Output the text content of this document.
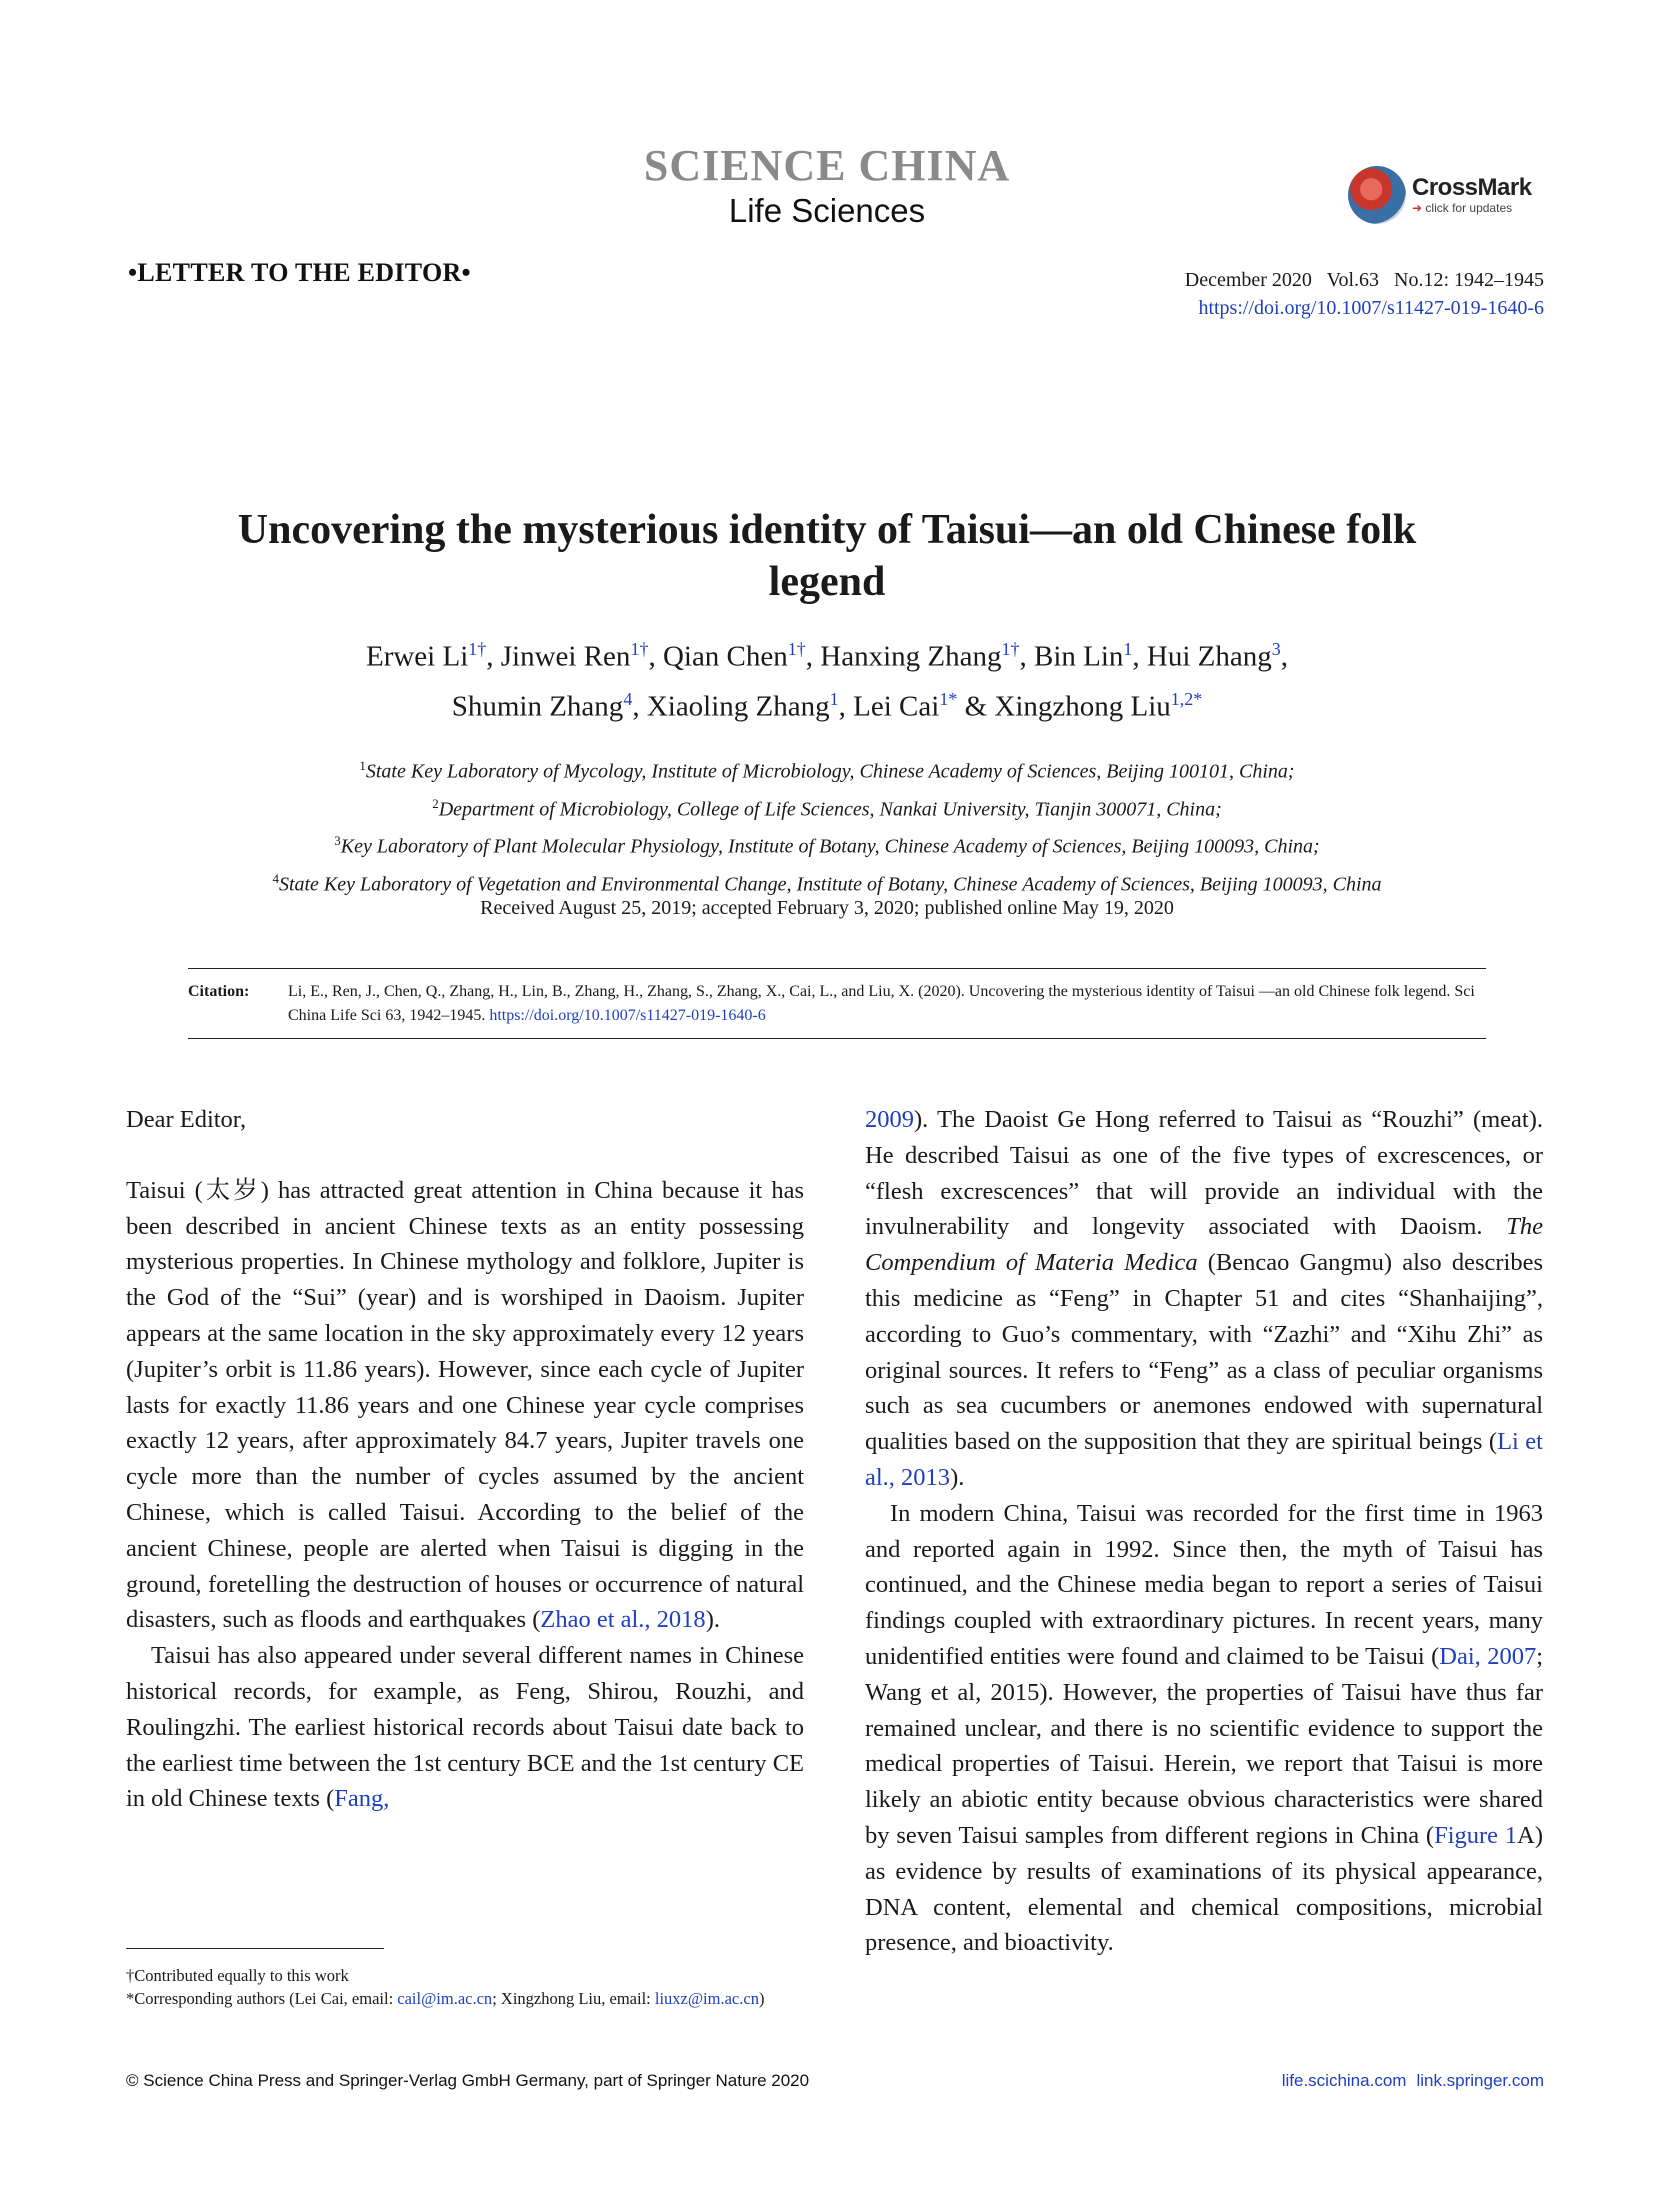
SCIENCE CHINA
Life Sciences
CrossMark
➜ click for updates
•LETTER TO THE EDITOR•	December 2020   Vol.63   No.12: 1942–1945
https://doi.org/10.1007/s11427-019-1640-6
Uncovering the mysterious identity of Taisui—an old Chinese folk
legend
Erwei $Li^{1\dagger}$, Jinwei Ren$^{1\dagger}$, Qian Chen$^{1\dagger}$, Hanxing Zhang$^{1\dagger}$, Bin Lin$^1$, Hui Zhang$^3$,
Shumin Zhang$^4$, Xiaoling Zhang$^1$, Lei Cai$^{1*}$ & Xingzhong Liu$^{1,2*}$
$^1$State Key Laboratory of Mycology, Institute of Microbiology, Chinese Academy of Sciences, Beijing 100101, China;
$^2$Department of Microbiology, College of Life Sciences, Nankai University, Tianjin 300071, China;
$^3$Key Laboratory of Plant Molecular Physiology, Institute of Botany, Chinese Academy of Sciences, Beijing 100093, China;
$^4$State Key Laboratory of Vegetation and Environmental Change, Institute of Botany, Chinese Academy of Sciences, Beijing 100093, China
Received August 25, 2019; accepted February 3, 2020; published online May 19, 2020
Citation:	Li, E., Ren, J., Chen, Q., Zhang, H., Lin, B., Zhang, H., Zhang, S., Zhang, X., Cai, L., and Liu, X. (2020). Uncovering the mysterious identity of Taisui —an old Chinese folk legend. Sci China Life Sci 63, 1942–1945. https://doi.org/10.1007/s11427-019-1640-6

Dear Editor,

Taisui (太岁) has attracted great attention in China because it has been described in ancient Chinese texts as an entity possessing mysterious properties. In Chinese mythology and folklore, Jupiter is the God of the “Sui” (year) and is worshiped in Daoism. Jupiter appears at the same location in the sky approximately every 12 years (Jupiter’s orbit is 11.86 years). However, since each cycle of Jupiter lasts for exactly 11.86 years and one Chinese year cycle comprises exactly 12 years, after approximately 84.7 years, Jupiter travels one cycle more than the number of cycles assumed by the ancient Chinese, which is called Taisui. According to the belief of the ancient Chinese, people are alerted when Taisui is digging in the ground, foretelling the destruction of houses or occurrence of natural disasters, such as floods and earthquakes (Zhao et al., 2018).

Taisui has also appeared under several different names in Chinese historical records, for example, as Feng, Shirou, Rouzhi, and Roulingzhi. The earliest historical records about Taisui date back to the earliest time between the 1st century BCE and the 1st century CE in old Chinese texts (Fang,

2009). The Daoist Ge Hong referred to Taisui as “Rouzhi” (meat). He described Taisui as one of the five types of excrescences, or “flesh excrescences” that will provide an individual with the invulnerability and longevity associated with Daoism. The Compendium of Materia Medica (Bencao Gangmu) also describes this medicine as “Feng” in Chapter 51 and cites “Shanhaijing”, according to Guo’s commentary, with “Zazhi” and “Xihu Zhi” as original sources. It refers to “Feng” as a class of peculiar organisms such as sea cucumbers or anemones endowed with supernatural qualities based on the supposition that they are spiritual beings (Li et al., 2013).

In modern China, Taisui was recorded for the first time in 1963 and reported again in 1992. Since then, the myth of Taisui has continued, and the Chinese media began to report a series of Taisui findings coupled with extraordinary pictures. In recent years, many unidentified entities were found and claimed to be Taisui (Dai, 2007; Wang et al, 2015). However, the properties of Taisui have thus far remained unclear, and there is no scientific evidence to support the medical properties of Taisui. Herein, we report that Taisui is more likely an abiotic entity because obvious characteristics were shared by seven Taisui samples from different regions in China (Figure 1A) as evidence by results of examinations of its physical appearance, DNA content, elemental and chemical compositions, microbial presence, and bioactivity.

†Contributed equally to this work

*Corresponding authors (Lei Cai, email: cail@im.ac.cn; Xingzhong Liu, email: liuxz@im.ac.cn)

© Science China Press and Springer-Verlag GmbH Germany, part of Springer Nature 2020	life.scichina.com link.springer.com
